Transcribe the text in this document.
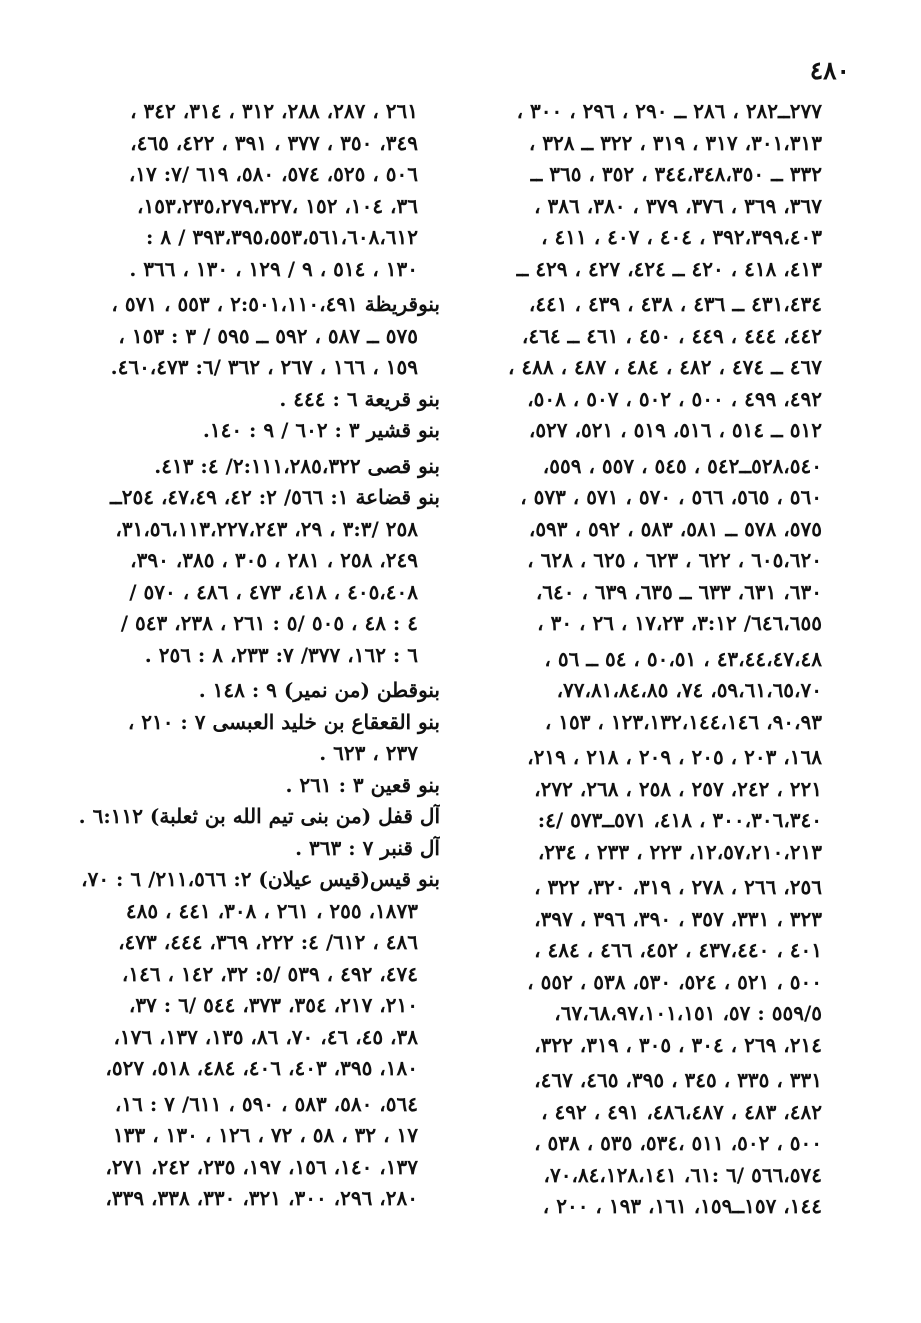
٤٨٠
٢٧٧ــ٢٨٢ ، ٢٨٦ ــ ٢٩٠ ، ٢٩٦ ، ٣٠٠ ،
٣٠١،٣١٣، ٣١٧ ، ٣١٩ ، ٣٢٢ ــ ٣٢٨ ،
٣٣٢ ــ ٣٤٤،٣٤٨،٣٥٠ ، ٣٥٢ ، ٣٦٥ ــ
٣٦٧، ٣٦٩ ، ٣٧٦، ٣٧٩ ، ٣٨٠، ٣٨٦ ،
٣٩٢،٣٩٩،٤٠٣ ، ٤٠٤ ، ٤٠٧ ، ٤١١ ،
٤١٣، ٤١٨ ، ٤٢٠ ــ ٤٢٤، ٤٢٧ ، ٤٢٩ ــ
٤٣١،٤٣٤ ــ ٤٣٦ ، ٤٣٨ ، ٤٣٩ ، ٤٤١،
٤٤٢، ٤٤٤ ، ٤٤٩ ، ٤٥٠ ، ٤٦١ ــ ٤٦٤،
٤٦٧ ــ ٤٧٤ ، ٤٨٢ ، ٤٨٤ ، ٤٨٧ ، ٤٨٨ ،
٤٩٢، ٤٩٩ ، ٥٠٠ ، ٥٠٢ ، ٥٠٧ ، ٥٠٨،
٥١٢ ــ ٥١٤ ، ٥١٦، ٥١٩ ، ٥٢١، ٥٢٧،
٥٢٨،٥٤٠ــ٥٤٢ ، ٥٤٥ ، ٥٥٧ ، ٥٥٩،
٥٦٠ ، ٥٦٥، ٥٦٦ ، ٥٧٠ ، ٥٧١ ، ٥٧٣ ،
٥٧٥، ٥٧٨ ــ ٥٨١، ٥٨٣ ، ٥٩٢ ، ٥٩٣،
٦٠٥،٦٢٠ ، ٦٢٢ ، ٦٢٣ ، ٦٢٥ ، ٦٢٨ ،
٦٣٠، ٦٣١، ٦٣٣ ــ ٦٣٥، ٦٣٩ ، ٦٤٠،
٦٤٦،٦٥٥/ ٣:١٢، ١٧،٢٣ ، ٢٦ ، ٣٠ ،
٤٣،٤٤،٤٧،٤٨ ، ٥٠،٥١ ، ٥٤ ــ ٥٦ ،
٥٩،٦١،٦٥،٧٠، ٧٤، ٧٧،٨١،٨٤،٨٥،
٩٠،٩٣، ١٢٣،١٣٢،١٤٤،١٤٦ ، ١٥٣ ،
١٦٨، ٢٠٣ ، ٢٠٥ ، ٢٠٩ ، ٢١٨ ، ٢١٩،
٢٢١ ، ٢٤٢، ٢٥٧ ، ٢٥٨ ، ٢٦٨، ٢٧٢،
٣٠٠،٣٠٦،٣٤٠ ، ٤١٨، ٥٧١ــ٥٧٣ /٤:
١٢،٥٧،٢١٠،٢١٣، ٢٢٣ ، ٢٣٣ ، ٢٣٤،
٢٥٦، ٢٦٦ ، ٢٧٨ ، ٣١٩، ٣٢٠، ٣٢٢ ،
٣٢٣ ، ٣٣١، ٣٥٧ ، ٣٩٠، ٣٩٦ ، ٣٩٧،
٤٠١ ، ٤٣٧،٤٤٠ ، ٤٥٢، ٤٦٦ ، ٤٨٤ ،
٥٠٠ ، ٥٢١ ، ٥٢٤، ٥٣٠، ٥٣٨ ، ٥٥٢ ،
٥٥٩/٥ : ٥٧، ٦٧،٦٨،٩٧،١٠١،١٥١،
٢١٤، ٢٦٩ ، ٣٠٤ ، ٣٠٥ ، ٣١٩، ٣٢٢،
٣٣١ ، ٣٣٥ ، ٣٤٥ ، ٣٩٥، ٤٦٥، ٤٦٧،
٤٨٢، ٤٨٣ ، ٤٨٦،٤٨٧، ٤٩١ ، ٤٩٢ ،
٥٠٠ ، ٥٠٢، ٥١١ ،٥٣٤، ٥٣٥ ، ٥٣٨ ،
٥٦٦،٥٧٤ /٦ :٦١، ٧٠،٨٤،١٢٨،١٤١،
١٤٤، ١٥٧ــ١٥٩، ١٦١، ١٩٣ ، ٢٠٠ ،
٢٦١ ، ٢٨٧، ٢٨٨، ٣١٢ ، ٣١٤، ٣٤٢ ،
٣٤٩، ٣٥٠ ، ٣٧٧ ، ٣٩١ ، ٤٢٢، ٤٦٥،
٥٠٦ ، ٥٢٥، ٥٧٤، ٥٨٠، ٦١٩ /٧: ١٧،
٣٦، ١٠٤، ١٥٢ ،١٥٣،٢٣٥،٢٧٩،٣٢٧،
٣٩٣،٣٩٥،٥٥٣،٥٦١،٦٠٨،٦١٢ / ٨ :
١٣٠ ، ٥١٤ ، ٩ / ١٢٩ ، ١٣٠ ، ٣٦٦ .
بنوقريظة ٢:٥٠١،١١٠،٤٩١ ، ٥٥٣ ، ٥٧١ ،
٥٧٥ ــ ٥٨٧ ، ٥٩٢ ــ ٥٩٥ / ٣ : ١٥٣ ،
١٥٩ ، ١٦٦ ، ٢٦٧ ، ٣٦٢ /٦: ٤٦٠،٤٧٣.
بنو قريعة ٦ : ٤٤٤ .
بنو قشير ٣ : ٦٠٢ / ٩ : ١٤٠.
بنو قصى ٢:١١١،٢٨٥،٣٢٢/ ٤: ٤١٣.
بنو قضاعة ١: ٥٦٦/ ٢: ٤٢، ٤٧،٤٩، ٢٥٤ــ
٢٥٨ /٣:٣ ، ٢٩، ٣١،٥٦،١١٣،٢٢٧،٢٤٣،
٢٤٩، ٢٥٨ ، ٢٨١ ، ٣٠٥ ، ٣٨٥، ٣٩٠،
٤٠٥،٤٠٨ ، ٤١٨، ٤٧٣ ، ٤٨٦ ، ٥٧٠ /
٤ : ٤٨ ، ٥٠٥ /٥ : ٢٦١ ، ٢٣٨، ٥٤٣ /
٦ : ١٦٢، ٣٧٧/ ٧: ٢٣٣، ٨ : ٢٥٦ .
بنوقطن (من نمير) ٩ : ١٤٨ .
بنو القعقاع بن خليد العبسى ٧ : ٢١٠ ،
٢٣٧ ، ٦٢٣ .
بنو قعين ٣ : ٢٦١ .
آل قفل (من بنى تيم الله بن ثعلبة) ٦:١١٢ .
آل قنبر ٧ : ٣٦٣ .
بنو قيس(قيس عيلان) ٢: ٢١١،٥٦٦/ ٦ : ٧٠،
١٨٧٣، ٢٥٥ ، ٢٦١ ، ٣٠٨، ٤٤١ ، ٤٨٥
٤٨٦ ، ٦١٢/ ٤: ٢٢٢، ٣٦٩، ٤٤٤، ٤٧٣،
٤٧٤، ٤٩٢ ، ٥٣٩ /٥: ٣٢، ١٤٢ ، ١٤٦،
٢١٠، ٢١٧، ٣٥٤، ٣٧٣، ٥٤٤ /٦ : ٣٧،
٣٨، ٤٥، ٤٦، ٧٠، ٨٦، ١٣٥، ١٣٧، ١٧٦،
١٨٠، ٣٩٥، ٤٠٣، ٤٠٦، ٤٨٤، ٥١٨، ٥٢٧،
٥٦٤، ٥٨٠، ٥٨٣ ، ٥٩٠ ، ٦١١/ ٧ : ١٦،
١٧ ، ٣٢ ، ٥٨ ، ٧٢ ، ١٢٦ ، ١٣٠ ، ١٣٣
١٣٧، ١٤٠، ١٥٦، ١٩٧، ٢٣٥، ٢٤٢، ٢٧١،
٢٨٠، ٢٩٦، ٣٠٠، ٣٢١، ٣٣٠، ٣٣٨، ٣٣٩،
